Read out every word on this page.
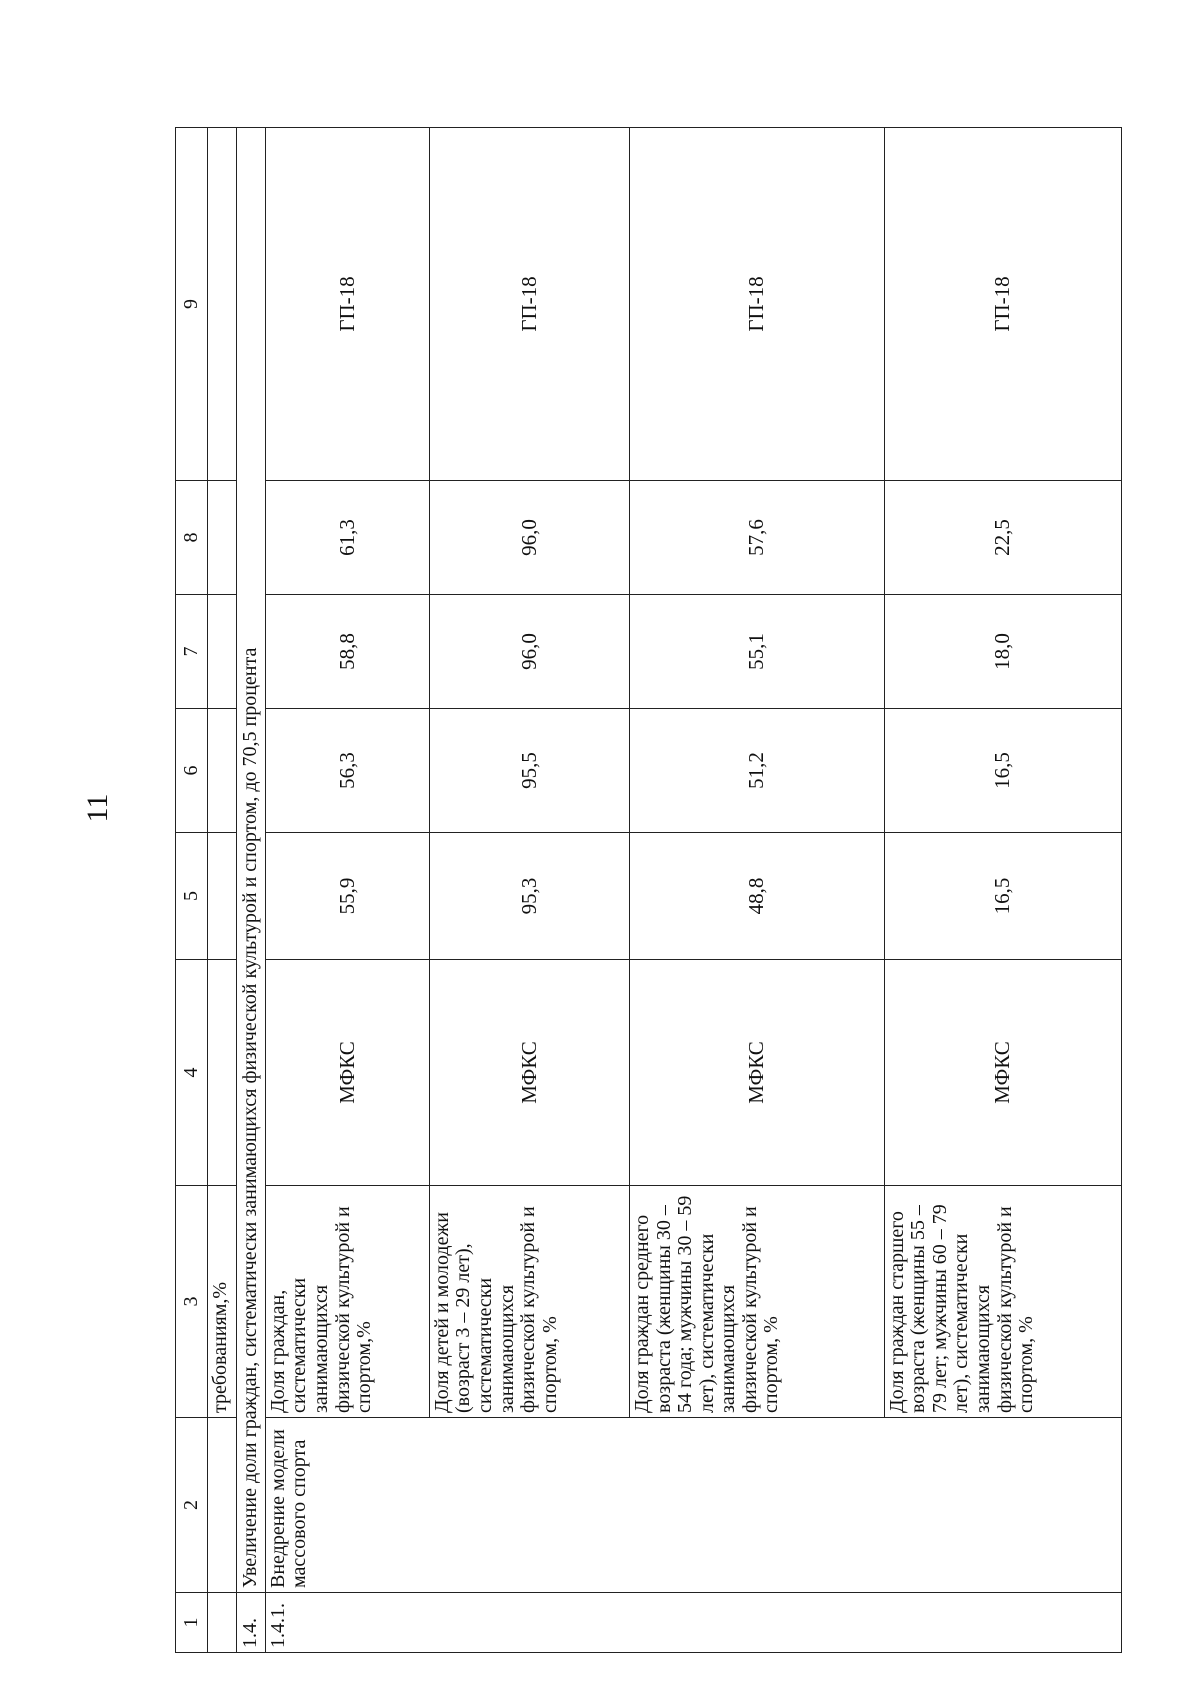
11
1	2	3	4	5	6	7	8	9
		требованиям,%						
1.4.	Увеличение доли граждан, систематически занимающихся физической культурой и спортом, до 70,5 процента							
1.4.1.	Внедрение модели массового спорта	Доля граждан, систематически занимающихся физической культурой и спортом,%	МФКС	55,9	56,3	58,8	61,3	ГП-18
		Доля детей и молодежи (возраст 3 – 29 лет), систематически занимающихся физической культурой и спортом, %	МФКС	95,3	95,5	96,0	96,0	ГП-18
		Доля граждан среднего возраста (женщины 30 – 54 года; мужчины 30 – 59 лет), систематически занимающихся физической культурой и спортом, %	МФКС	48,8	51,2	55,1	57,6	ГП-18
		Доля граждан старшего возраста (женщины 55 – 79 лет; мужчины 60 – 79 лет), систематически занимающихся физической культурой и спортом, %	МФКС	16,5	16,5	18,0	22,5	ГП-18
